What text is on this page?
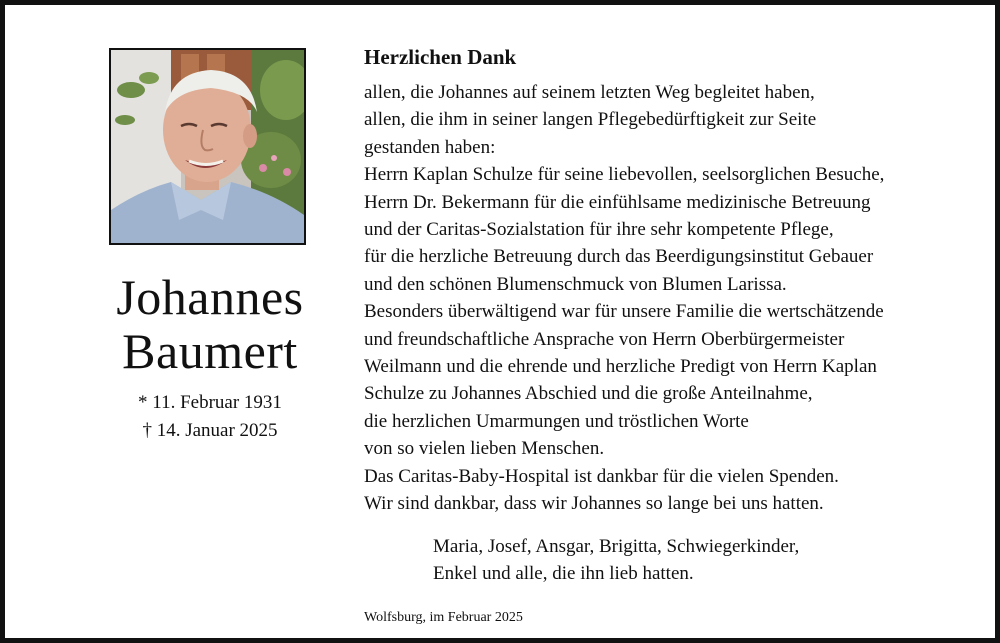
Johannes
Baumert
* 11. Februar 1931
† 14. Januar 2025
Herzlichen Dank
allen, die Johannes auf seinem letzten Weg begleitet haben,
allen, die ihm in seiner langen Pflegebedürftigkeit zur Seite
gestanden haben:
Herrn Kaplan Schulze für seine liebevollen, seelsorglichen Besuche,
Herrn Dr. Bekermann für die einfühlsame medizinische Betreuung
und der Caritas-Sozialstation für ihre sehr kompetente Pflege,
für die herzliche Betreuung durch das Beerdigungsinstitut Gebauer
und den schönen Blumenschmuck von Blumen Larissa.
Besonders überwältigend war für unsere Familie die wertschätzende
und freundschaftliche Ansprache von Herrn Oberbürgermeister
Weilmann und die ehrende und herzliche Predigt von Herrn Kaplan
Schulze zu Johannes Abschied und die große Anteilnahme,
die herzlichen Umarmungen und tröstlichen Worte
von so vielen lieben Menschen.
Das Caritas-Baby-Hospital ist dankbar für die vielen Spenden.
Wir sind dankbar, dass wir Johannes so lange bei uns hatten.
Maria, Josef, Ansgar, Brigitta, Schwiegerkinder,
Enkel und alle, die ihn lieb hatten.
Wolfsburg, im Februar 2025
